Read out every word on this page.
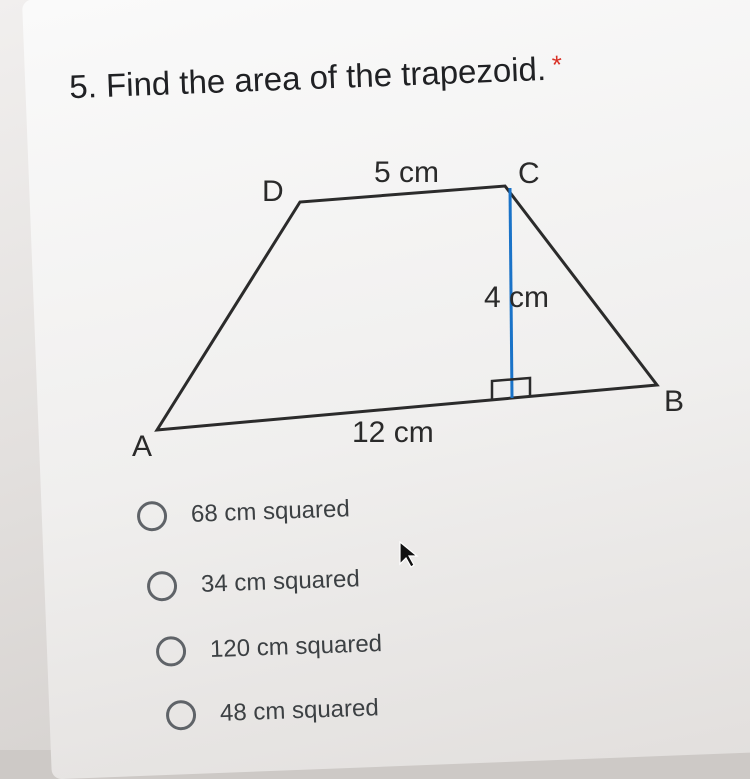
5. Find the area of the trapezoid. *
D
C
B
A
5 cm
4 cm
12 cm
68 cm squared
34 cm squared
120 cm squared
48 cm squared
